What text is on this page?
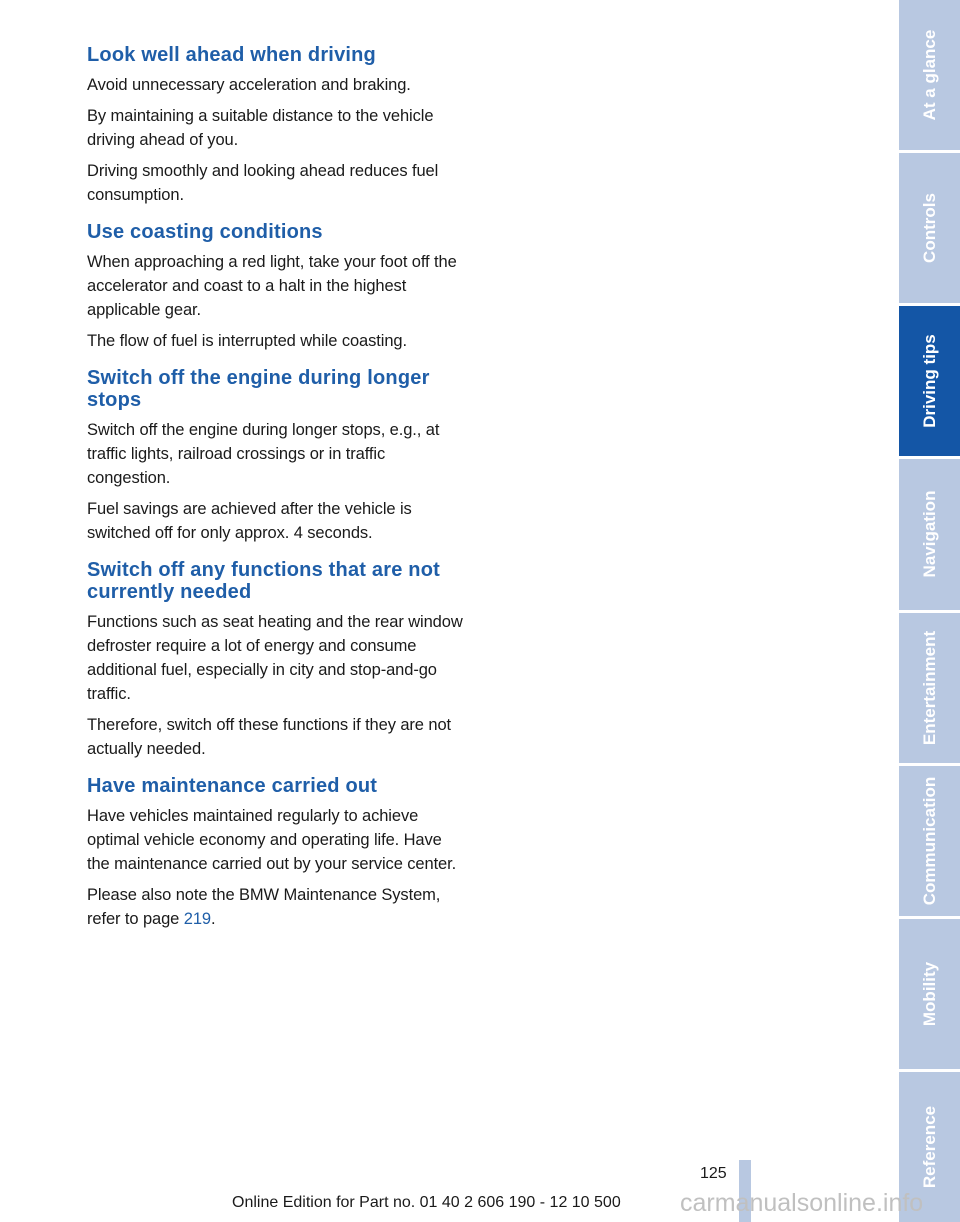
Look well ahead when driving

Avoid unnecessary acceleration and braking.

By maintaining a suitable distance to the vehicle driving ahead of you.

Driving smoothly and looking ahead reduces fuel consumption.

Use coasting conditions

When approaching a red light, take your foot off the accelerator and coast to a halt in the highest applicable gear.

The flow of fuel is interrupted while coasting.

Switch off the engine during longer stops

Switch off the engine during longer stops, e.g., at traffic lights, railroad crossings or in traffic congestion.

Fuel savings are achieved after the vehicle is switched off for only approx. 4 seconds.

Switch off any functions that are not currently needed

Functions such as seat heating and the rear window defroster require a lot of energy and consume additional fuel, especially in city and stop-and-go traffic.

Therefore, switch off these functions if they are not actually needed.

Have maintenance carried out

Have vehicles maintained regularly to achieve optimal vehicle economy and operating life. Have the maintenance carried out by your service center.

Please also note the BMW Maintenance System, refer to page 219.

At a glance
Controls
Driving tips
Navigation
Entertainment
Communication
Mobility
Reference
125
Online Edition for Part no. 01 40 2 606 190 - 12 10 500 carmanualsonline.info
